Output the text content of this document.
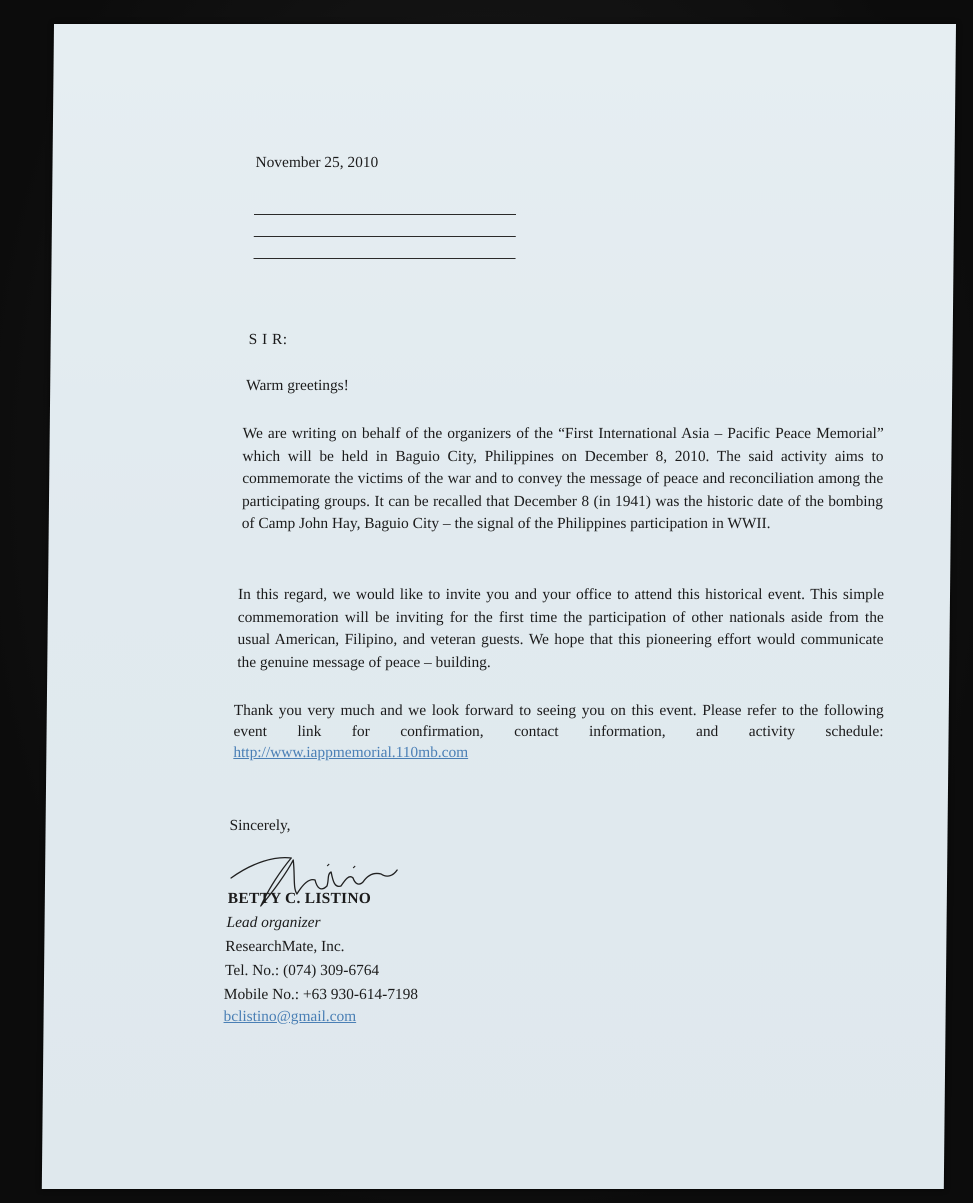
November 25, 2010
S I R:
Warm greetings!
We are writing on behalf of the organizers of the “First International Asia – Pacific Peace Memorial” which will be held in Baguio City, Philippines on December 8, 2010. The said activity aims to commemorate the victims of the war and to convey the message of peace and reconciliation among the participating groups. It can be recalled that December 8 (in 1941) was the historic date of the bombing of Camp John Hay, Baguio City – the signal of the Philippines participation in WWII.
In this regard, we would like to invite you and your office to attend this historical event. This simple commemoration will be inviting for the first time the participation of other nationals aside from the usual American, Filipino, and veteran guests. We hope that this pioneering effort would communicate the genuine message of peace – building.
Thank you very much and we look forward to seeing you on this event. Please refer to the following event link for confirmation, contact information, and activity schedule: http://www.iappmemorial.110mb.com
Sincerely,
BETTY C. LISTINO
Lead organizer
ResearchMate, Inc.
Tel. No.: (074) 309-6764
Mobile No.: +63 930-614-7198
bclistino@gmail.com
